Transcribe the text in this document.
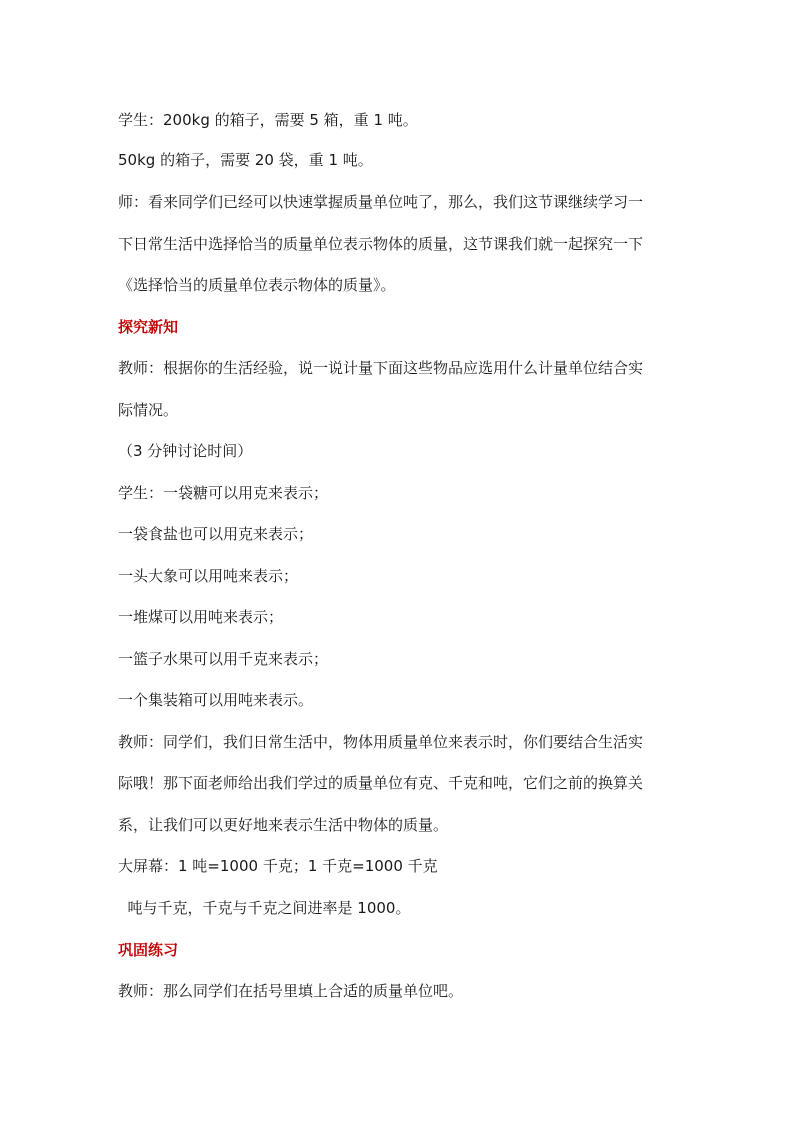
学生：200kg 的箱子，需要 5 箱，重 1 吨。
50kg 的箱子，需要 20 袋，重 1 吨。
师：看来同学们已经可以快速掌握质量单位吨了，那么，我们这节课继续学习一
下日常生活中选择恰当的质量单位表示物体的质量，这节课我们就一起探究一下
《选择恰当的质量单位表示物体的质量》。
探究新知
教师：根据你的生活经验，说一说计量下面这些物品应选用什么计量单位结合实
际情况。
（3 分钟讨论时间）
学生：一袋糖可以用克来表示；
一袋食盐也可以用克来表示；
一头大象可以用吨来表示；
一堆煤可以用吨来表示；
一篮子水果可以用千克来表示；
一个集装箱可以用吨来表示。
教师：同学们，我们日常生活中，物体用质量单位来表示时，你们要结合生活实
际哦！那下面老师给出我们学过的质量单位有克、千克和吨，它们之前的换算关
系，让我们可以更好地来表示生活中物体的质量。
大屏幕：1 吨=1000 千克；1 千克=1000 千克
吨与千克，千克与千克之间进率是 1000。
巩固练习
教师：那么同学们在括号里填上合适的质量单位吧。
